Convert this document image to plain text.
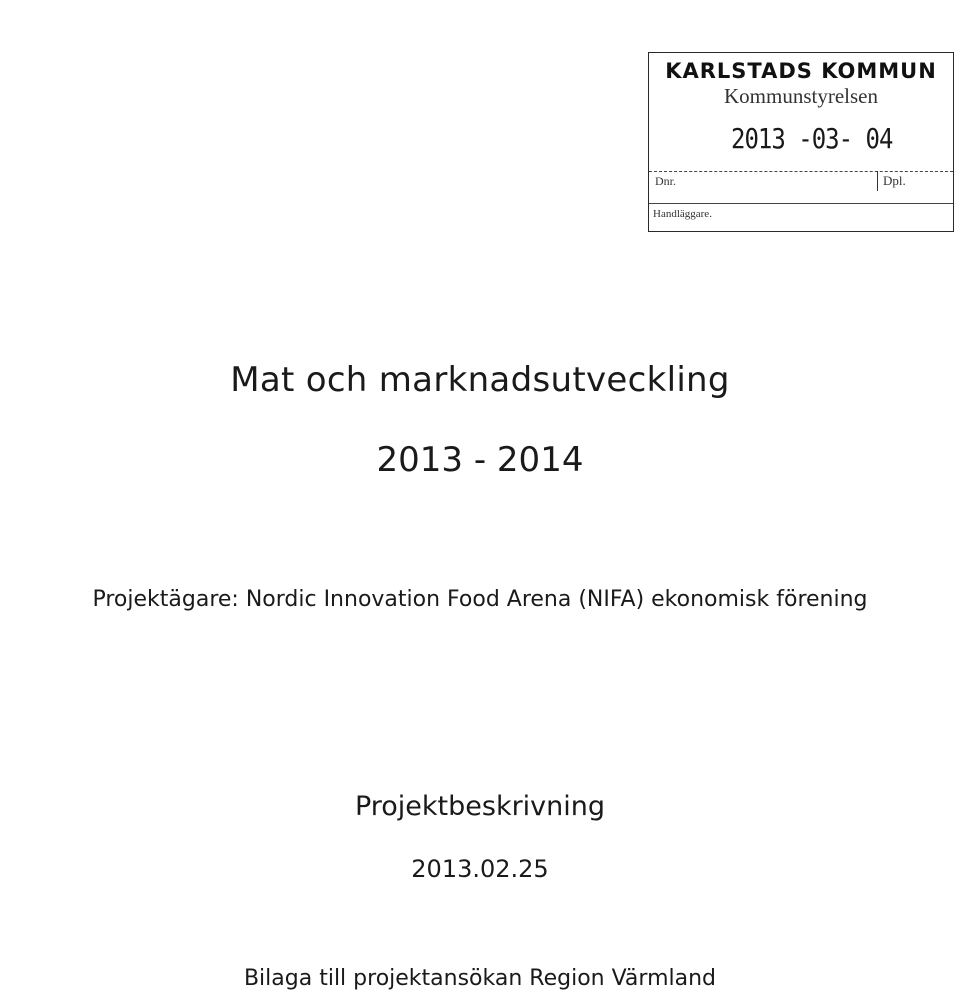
KARLSTADS KOMMUN
Kommunstyrelsen
2013 -03- 04
Dnr.	Dpl.
Handläggare.
Mat och marknadsutveckling
2013 - 2014
Projektägare: Nordic Innovation Food Arena (NIFA) ekonomisk förening
Projektbeskrivning
2013.02.25
Bilaga till projektansökan Region Värmland
